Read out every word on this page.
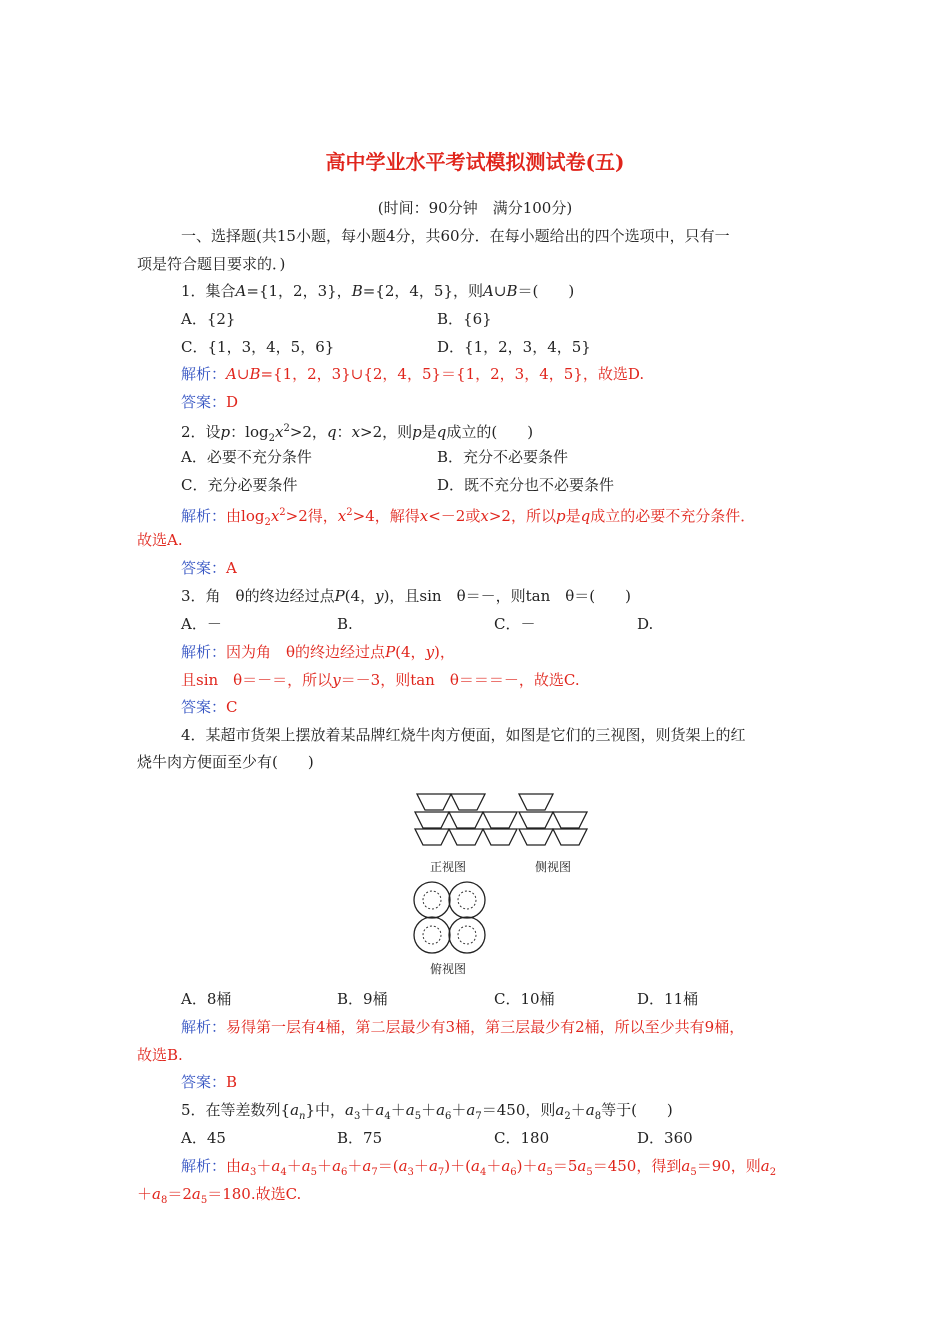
高中学业水平考试模拟测试卷(五)
(时间：90分钟　满分100分)
一、选择题(共15小题，每小题4分，共60分．在每小题给出的四个选项中，只有一
项是符合题目要求的．)
1．集合A={1，2，3}，B={2，4，5}，则A∪B＝(　　)
A．{2}	B．{6}
C．{1，3，4，5，6}	D．{1，2，3，4，5}
解析：A∪B={1，2，3}∪{2，4，5}＝{1，2，3，4，5}，故选D.
答案：D
2．设p：$\log_2x^2>2$，q：x>2，则p是q成立的(　　)
A．必要不充分条件	B．充分不必要条件
C．充分必要条件	D．既不充分也不必要条件
解析：由$\log_2x^2>2$得，$x^2>4$，解得x<－2或x>2，所以p是q成立的必要不充分条件．
故选A.
答案：A
3．角　θ的终边经过点P(4，y)，且sin　θ＝－，则tan　θ＝(　　)
A．－	B.	C．－	D.
解析：因为角　θ的终边经过点P(4，y)，
且sin　θ＝－＝，所以y＝－3，则tan　θ＝＝＝－，故选C.
答案：C
4．某超市货架上摆放着某品牌红烧牛肉方便面，如图是它们的三视图，则货架上的红
烧牛肉方便面至少有(　　)
正视图	侧视图
俯视图
A．8桶	B．9桶	C．10桶	D．11桶
解析：易得第一层有4桶，第二层最少有3桶，第三层最少有2桶，所以至少共有9桶，
故选B.
答案：B
5．在等差数列$\{a_n\}$中，$a_3+a_4+a_5+a_6+a_7=450$，则$a_2+a_8$等于(　　)
A．45	B．75	C．180	D．360
解析：由$a_3+a_4+a_5+a_6+a_7=(a_3+a_7)+(a_4+a_6)+a_5=5a_5=450$，得到$a_5=90$，则$a_2$
$+a_8=2a_5=180$.故选C.
